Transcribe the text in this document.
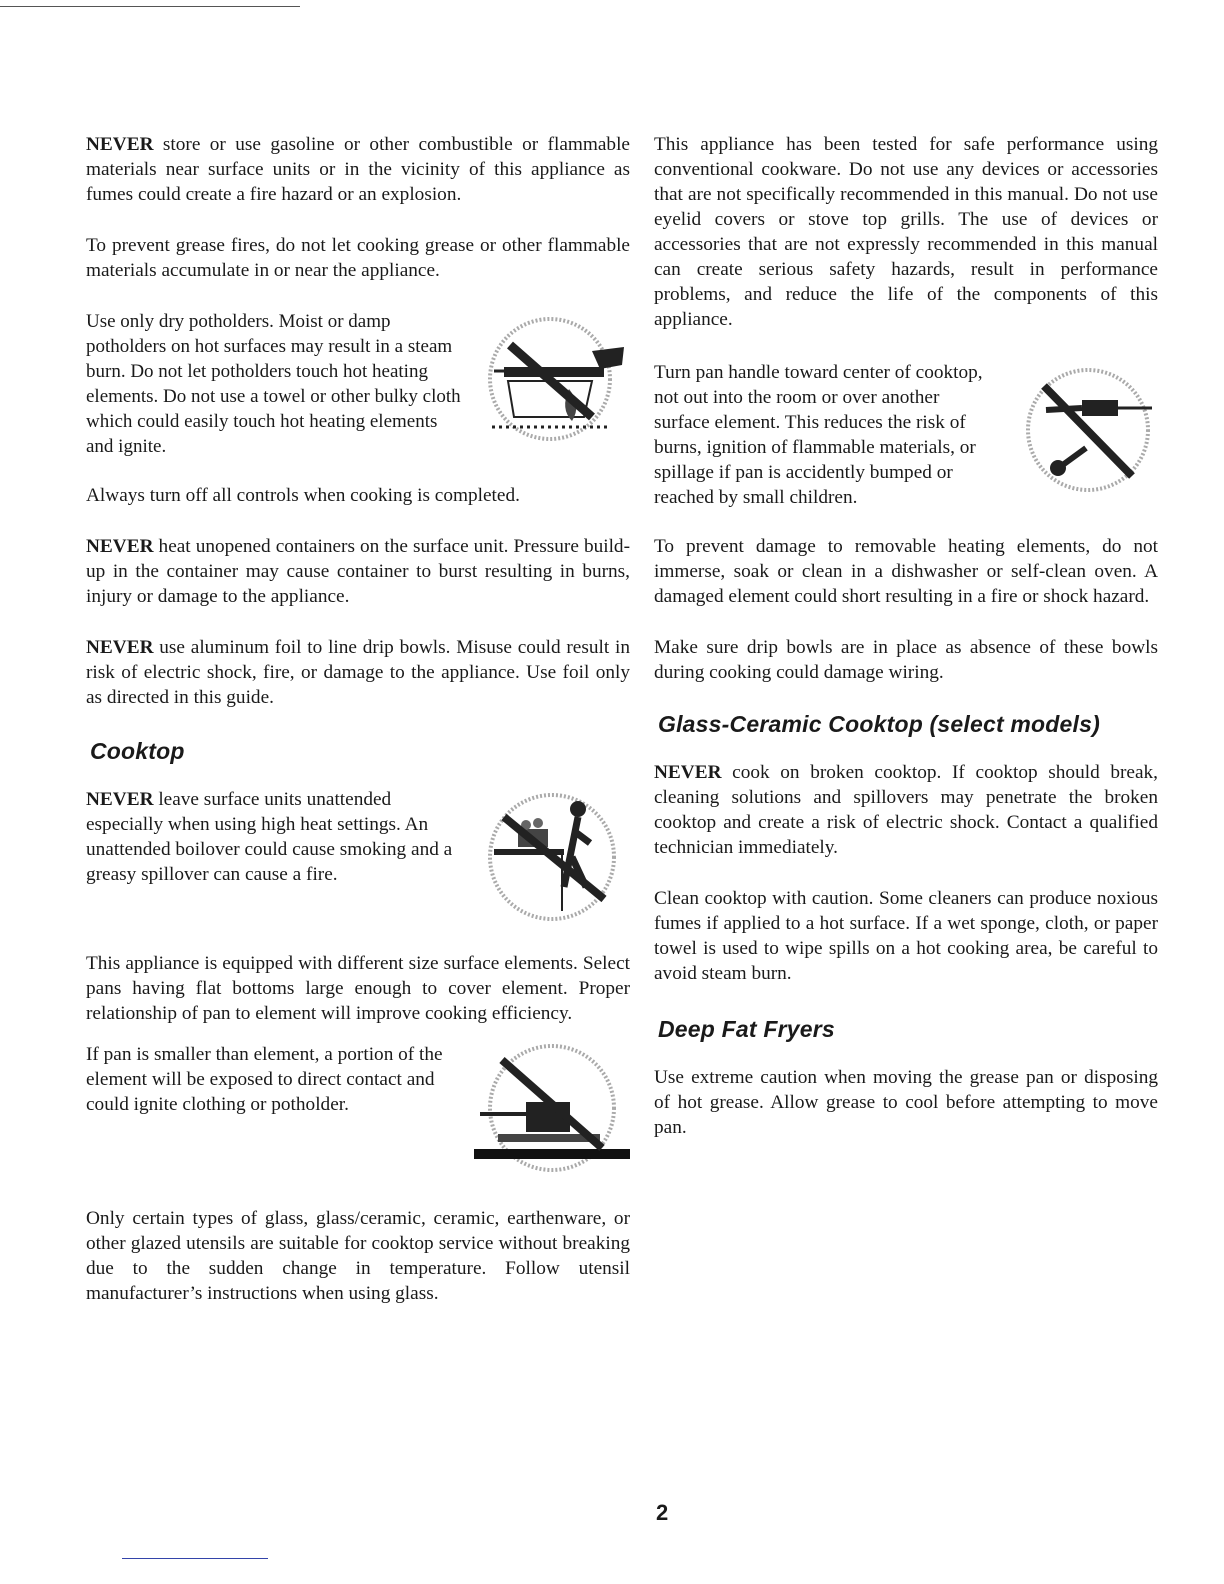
NEVER store or use gasoline or other combustible or flammable materials near surface units or in the vicinity of this appliance as fumes could create a fire hazard or an explosion.

To prevent grease fires, do not let cooking grease or other flammable materials accumulate in or near the appliance.

Use only dry potholders. Moist or damp potholders on hot surfaces may result in a steam burn. Do not let potholders touch hot heating elements. Do not use a towel or other bulky cloth which could easily touch hot heating elements and ignite.

Always turn off all controls when cooking is completed.

NEVER heat unopened containers on the surface unit. Pressure build-up in the container may cause container to burst resulting in burns, injury or damage to the appliance.

NEVER use aluminum foil to line drip bowls. Misuse could result in risk of electric shock, fire, or damage to the appliance. Use foil only as directed in this guide.

Cooktop

NEVER leave surface units unattended especially when using high heat settings. An unattended boilover could cause smoking and a greasy spillover can cause a fire.

This appliance is equipped with different size surface elements. Select pans having flat bottoms large enough to cover element. Proper relationship of pan to element will improve cooking efficiency.

If pan is smaller than element, a portion of the element will be exposed to direct contact and could ignite clothing or potholder.

Only certain types of glass, glass/ceramic, ceramic, earthenware, or other glazed utensils are suitable for cooktop service without breaking due to the sudden change in temperature. Follow utensil manufacturer’s instructions when using glass.

This appliance has been tested for safe performance using conventional cookware. Do not use any devices or accessories that are not specifically recommended in this manual. Do not use eyelid covers or stove top grills. The use of devices or accessories that are not expressly recommended in this manual can create serious safety hazards, result in performance problems, and reduce the life of the components of this appliance.

Turn pan handle toward center of cooktop, not out into the room or over another surface element. This reduces the risk of burns, ignition of flammable materials, or spillage if pan is accidently bumped or reached by small children.

To prevent damage to removable heating elements, do not immerse, soak or clean in a dishwasher or self-clean oven. A damaged element could short resulting in a fire or shock hazard.

Make sure drip bowls are in place as absence of these bowls during cooking could damage wiring.

Glass-Ceramic Cooktop (select models)

NEVER cook on broken cooktop. If cooktop should break, cleaning solutions and spillovers may penetrate the broken cooktop and create a risk of electric shock. Contact a qualified technician immediately.

Clean cooktop with caution. Some cleaners can produce noxious fumes if applied to a hot surface. If a wet sponge, cloth, or paper towel is used to wipe spills on a hot cooking area, be careful to avoid steam burn.

Deep Fat Fryers

Use extreme caution when moving the grease pan or disposing of hot grease. Allow grease to cool before attempting to move pan.

2
